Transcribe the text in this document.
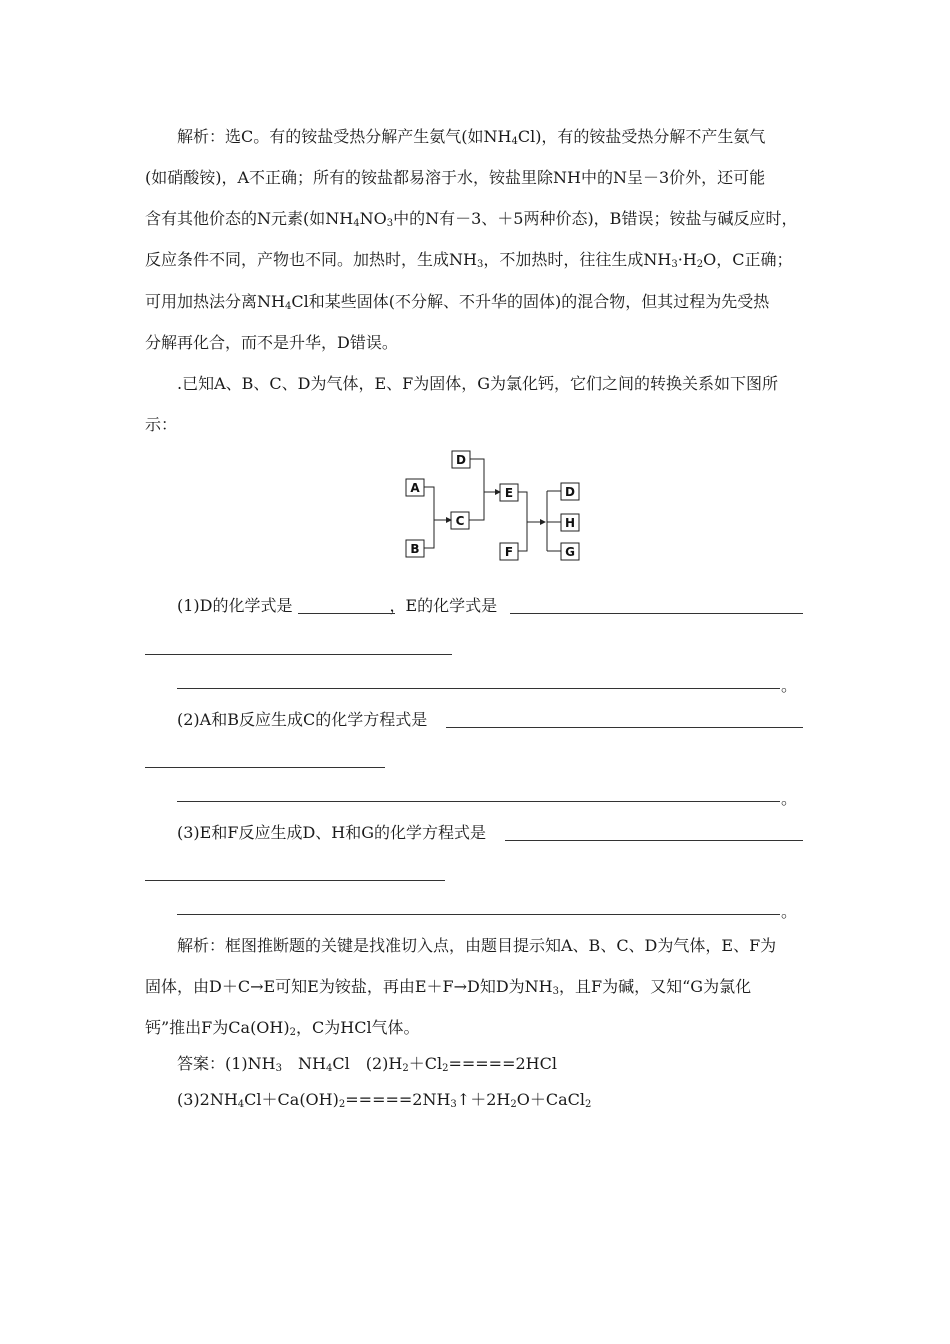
解析：选C。有的铵盐受热分解产生氨气(如$NH_4Cl$)，有的铵盐受热分解不产生氨气
(如硝酸铵)，A不正确；所有的铵盐都易溶于水，铵盐里除NH中的N呈－3价外，还可能
含有其他价态的N元素(如$NH_4NO_3$中的N有－3、＋5两种价态)，B错误；铵盐与碱反应时，
反应条件不同，产物也不同。加热时，生成$NH_3$，不加热时，往往生成$NH_3\cdot H_2O$，C正确；
可用加热法分离$NH_4Cl$和某些固体(不分解、不升华的固体)的混合物，但其过程为先受热
分解再化合，而不是升华，D错误。
.已知A、B、C、D为气体，E、F为固体，G为氯化钙，它们之间的转换关系如下图所
示：
A
B
C
D
E
F
D
H
G
(1)D的化学式是	，E的化学式是
。
(2)A和B反应生成C的化学方程式是
。
(3)E和F反应生成D、H和G的化学方程式是
。
解析：框图推断题的关键是找准切入点，由题目提示知A、B、C、D为气体，E、F为
固体，由D＋C→E可知E为铵盐，再由E＋F→D知D为$NH_3$，且F为碱，又知“G为氯化
钙”推出F为$Ca(OH)_2$，C为HCl气体。
答案：$(1)NH_3$　$NH_4Cl$　$(2)H_2+Cl_2=====2HCl$
$(3)2NH_4Cl+Ca(OH)_2=====2NH_3↑+2H_2O+CaCl_2$
